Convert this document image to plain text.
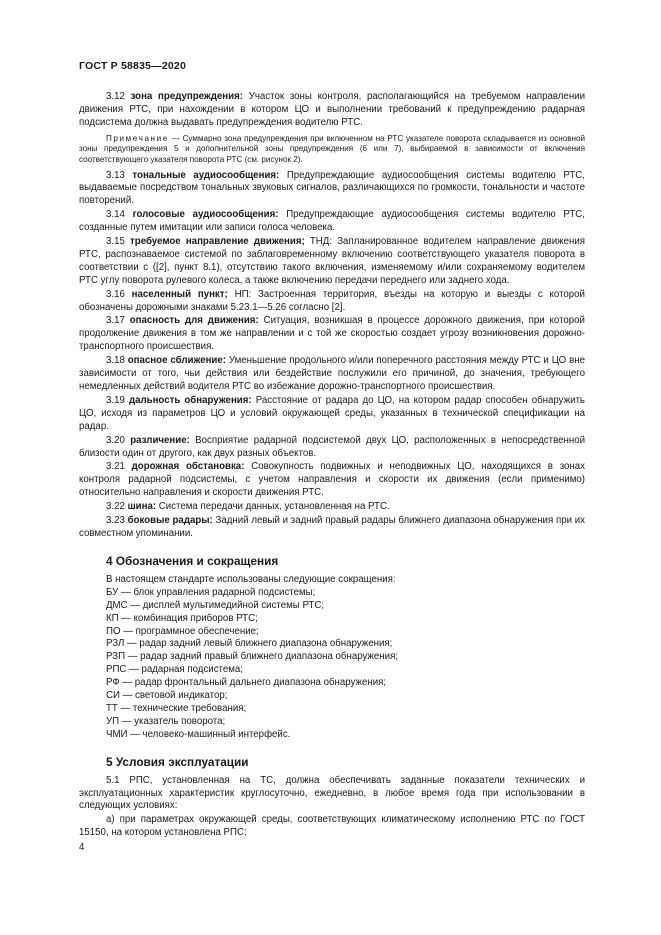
ГОСТ Р 58835—2020

3.12 зона предупреждения: Участок зоны контроля, располагающийся на требуемом направлении движения РТС, при нахождении в котором ЦО и выполнении требований к предупреждению радарная подсистема должна выдавать предупреждения водителю РТС.

Примечание — Суммарно зона предупреждения при включенном на РТС указателе поворота складывается из основной зоны предупреждения 5 и дополнительной зоны предупреждения (6 или 7), выбираемой в зависимости от включения соответствующего указателя поворота РТС (см. рисунок 2).

3.13 тональные аудиосообщения: Предупреждающие аудиосообщения системы водителю РТС, выдаваемые посредством тональных звуковых сигналов, различающихся по громкости, тональности и частоте повторений.

3.14 голосовые аудиосообщения: Предупреждающие аудиосообщения системы водителю РТС, созданные путем имитации или записи голоса человека.

3.15 требуемое направление движения; ТНД: Запланированное водителем направление движения РТС, распознаваемое системой по заблаговременному включению соответствующего указателя поворота в соответствии с ([2], пункт 8.1), отсутствию такого включения, изменяемому и/или сохраняемому водителем РТС углу поворота рулевого колеса, а также включению передачи переднего или заднего хода.

3.16 населенный пункт; НП: Застроенная территория, въезды на которую и выезды с которой обозначены дорожными знаками 5.23.1—5.26 согласно [2].

3.17 опасность для движения: Ситуация, возникшая в процессе дорожного движения, при которой продолжение движения в том же направлении и с той же скоростью создает угрозу возникновения дорожно-транспортного происшествия.

3.18 опасное сближение: Уменьшение продольного и/или поперечного расстояния между РТС и ЦО вне зависимости от того, чьи действия или бездействие послужили его причиной, до значения, требующего немедленных действий водителя РТС во избежание дорожно-транспортного происшествия.

3.19 дальность обнаружения: Расстояние от радара до ЦО, на котором радар способен обнаружить ЦО, исходя из параметров ЦО и условий окружающей среды, указанных в технической спецификации на радар.

3.20 различение: Восприятие радарной подсистемой двух ЦО, расположенных в непосредственной близости один от другого, как двух разных объектов.

3.21 дорожная обстановка: Совокупность подвижных и неподвижных ЦО, находящихся в зонах контроля радарной подсистемы, с учетом направления и скорости их движения (если применимо) относительно направления и скорости движения РТС.

3.22 шина: Система передачи данных, установленная на РТС.

3.23 боковые радары: Задний левый и задний правый радары ближнего диапазона обнаружения при их совместном упоминании.

4 Обозначения и сокращения

В настоящем стандарте использованы следующие сокращения:

БУ — блок управления радарной подсистемы;

ДМС — дисплей мультимедийной системы РТС;

КП — комбинация приборов РТС;

ПО — программное обеспечение;

РЗЛ — радар задний левый ближнего диапазона обнаружения;

РЗП — радар задний правый ближнего диапазона обнаружения;

РПС — радарная подсистема;

РФ — радар фронтальный дальнего диапазона обнаружения;

СИ — световой индикатор;

ТТ — технические требования;

УП — указатель поворота;

ЧМИ — человеко-машинный интерфейс.

5 Условия эксплуатации

5.1 РПС, установленная на ТС, должна обеспечивать заданные показатели технических и эксплуатационных характеристик круглосуточно, ежедневно, в любое время года при использовании в следующих условиях:

а) при параметрах окружающей среды, соответствующих климатическому исполнению РТС по ГОСТ 15150, на котором установлена РПС;

4
